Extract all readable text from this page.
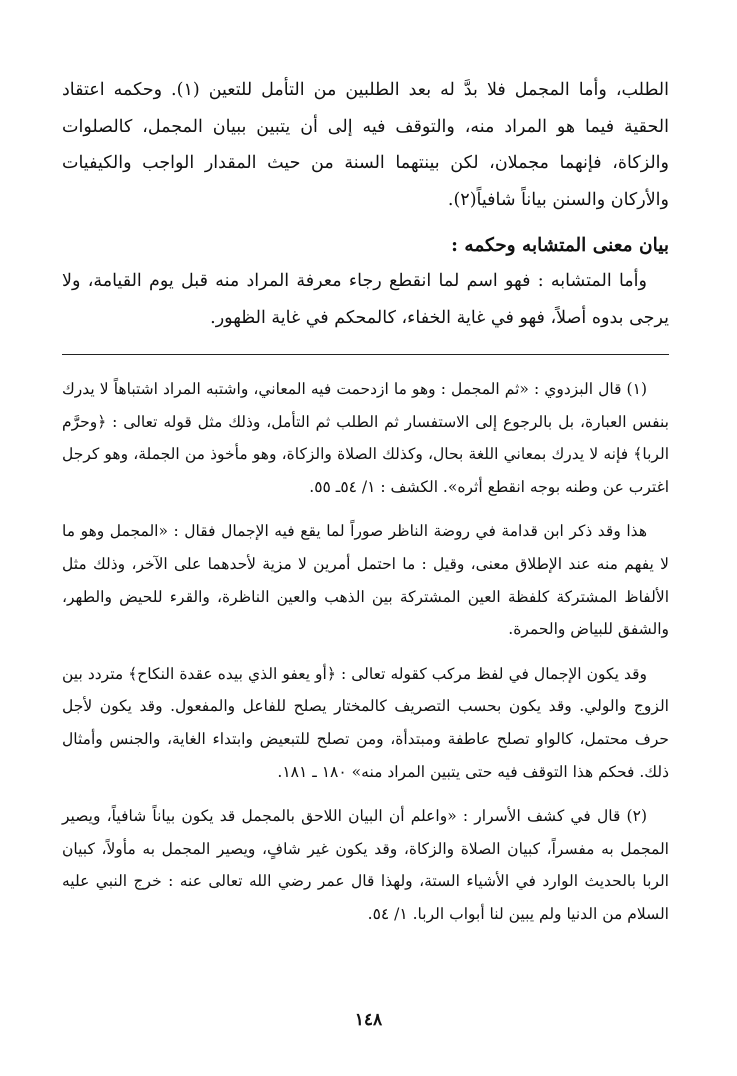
الطلب، وأما المجمل فلا بدَّ له بعد الطلبين من التأمل للتعين (١). وحكمه اعتقاد الحقية فيما هو المراد منه، والتوقف فيه إلى أن يتبين ببيان المجمل، كالصلوات والزكاة، فإنهما مجملان، لكن بينتهما السنة من حيث المقدار الواجب والكيفيات والأركان والسنن بياناً شافياً(٢).

بيان معنى المتشابه وحكمه :

وأما المتشابه : فهو اسم لما انقطع رجاء معرفة المراد منه قبل يوم القيامة، ولا يرجى بدوه أصلاً، فهو في غاية الخفاء، كالمحكم في غاية الظهور.

(١) قال البزدوي : «ثم المجمل : وهو ما ازدحمت فيه المعاني، واشتبه المراد اشتباهاً لا يدرك بنفس العبارة، بل بالرجوع إلى الاستفسار ثم الطلب ثم التأمل، وذلك مثل قوله تعالى : ﴿وحرَّم الربا﴾ فإنه لا يدرك بمعاني اللغة بحال، وكذلك الصلاة والزكاة، وهو مأخوذ من الجملة، وهو كرجل اغترب عن وطنه بوجه انقطع أثره». الكشف : ١/ ٥٤ـ ٥٥.

هذا وقد ذكر ابن قدامة في روضة الناظر صوراً لما يقع فيه الإجمال فقال : «المجمل وهو ما لا يفهم منه عند الإطلاق معنى، وقيل : ما احتمل أمرين لا مزية لأحدهما على الآخر، وذلك مثل الألفاظ المشتركة كلفظة العين المشتركة بين الذهب والعين الناظرة، والقرء للحيض والطهر، والشفق للبياض والحمرة.

وقد يكون الإجمال في لفظ مركب كقوله تعالى : ﴿أو يعفو الذي بيده عقدة النكاح﴾ متردد بين الزوج والولي. وقد يكون بحسب التصريف كالمختار يصلح للفاعل والمفعول. وقد يكون لأجل حرف محتمل، كالواو تصلح عاطفة ومبتدأة، ومن تصلح للتبعيض وابتداء الغاية، والجنس وأمثال ذلك. فحكم هذا التوقف فيه حتى يتبين المراد منه» ١٨٠ ـ ١٨١.

(٢) قال في كشف الأسرار : «واعلم أن البيان اللاحق بالمجمل قد يكون بياناً شافياً، ويصير المجمل به مفسراً، كبيان الصلاة والزكاة، وقد يكون غير شافٍ، ويصير المجمل به مأولاً، كبيان الربا بالحديث الوارد في الأشياء الستة، ولهذا قال عمر رضي الله تعالى عنه : خرج النبي عليه السلام من الدنيا ولم يبين لنا أبواب الربا. ١/ ٥٤.

١٤٨
